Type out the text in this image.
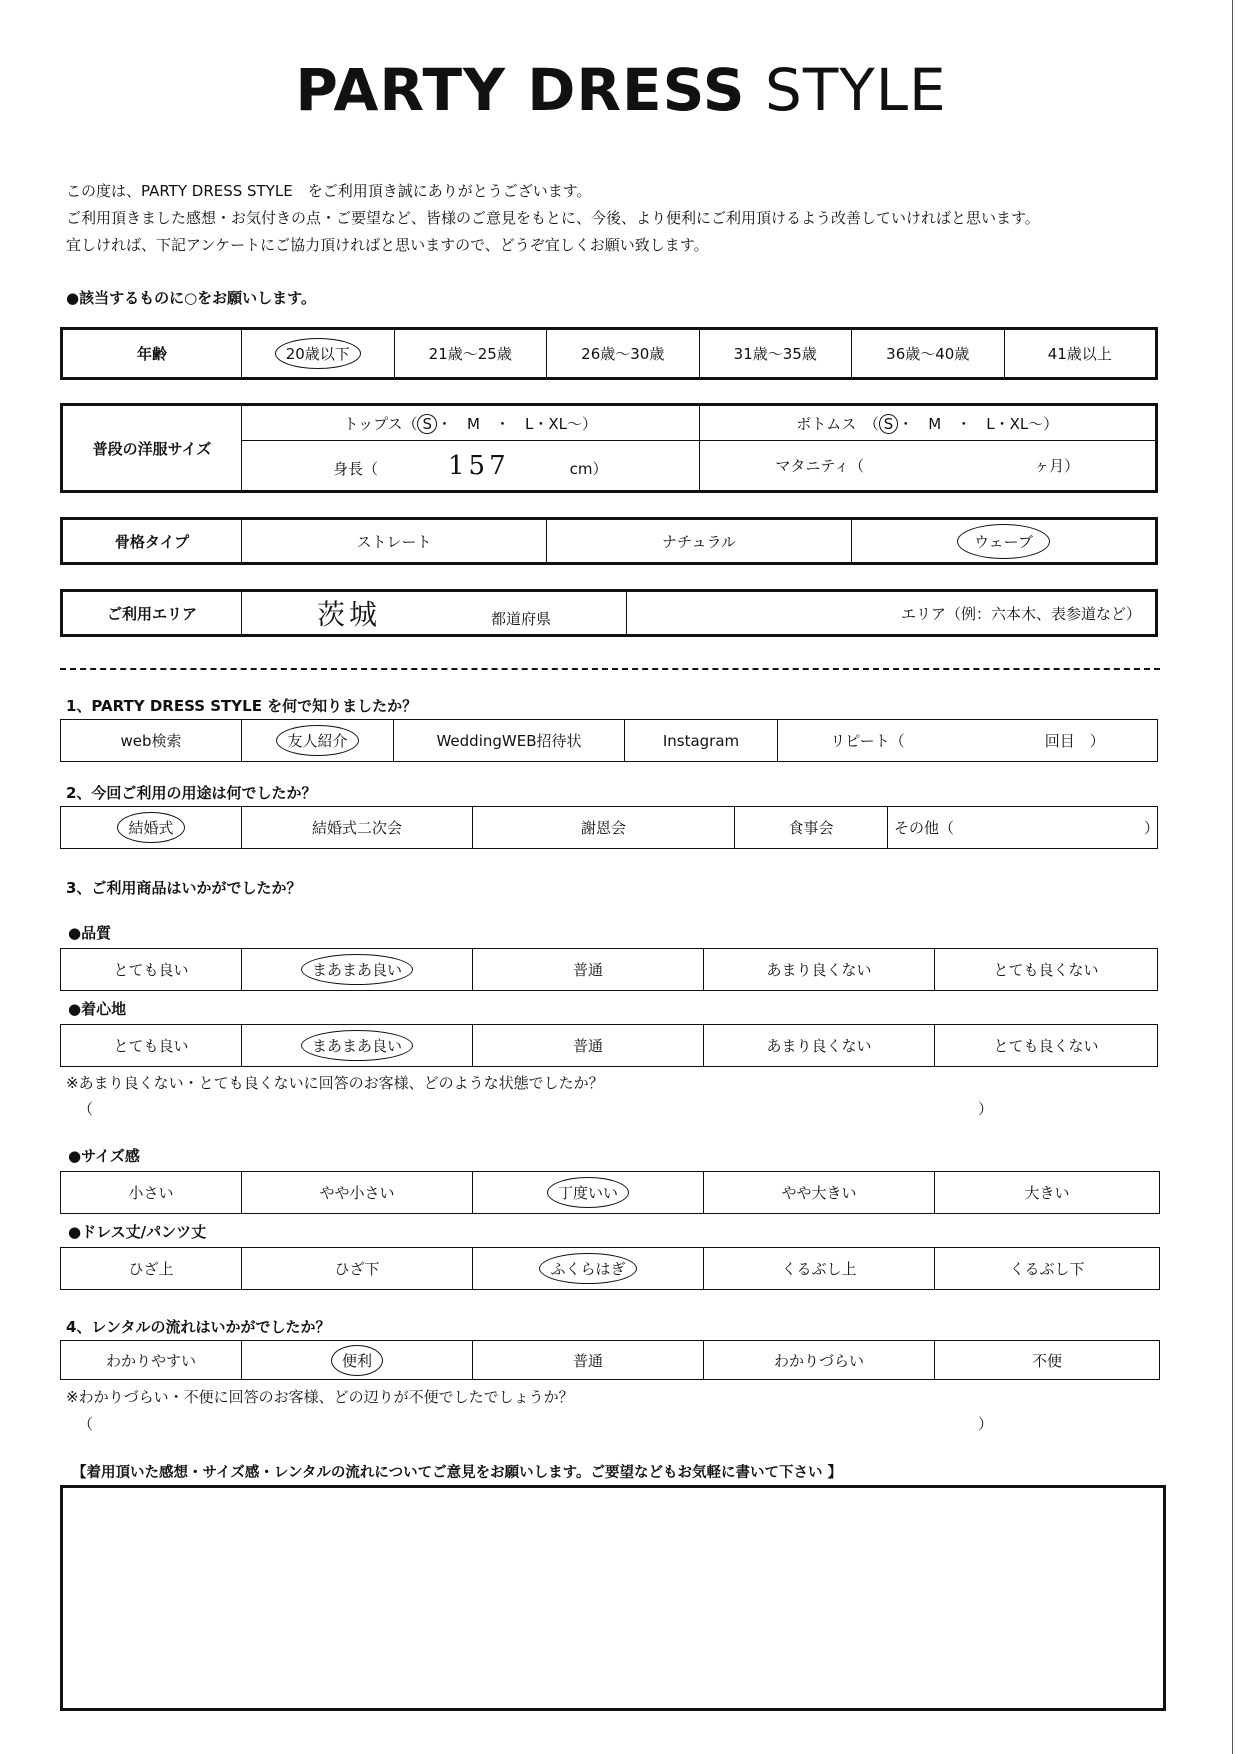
PARTY DRESS STYLE
この度は、PARTY DRESS STYLE　をご利用頂き誠にありがとうございます。
ご利用頂きました感想・お気付きの点・ご要望など、皆様のご意見をもとに、今後、より便利にご利用頂けるよう改善していければと思います。
宜しければ、下記アンケートにご協力頂ければと思いますので、どうぞ宜しくお願い致します。
●該当するものに○をお願いします。
年齢	20歳以下	21歳～25歳	26歳～30歳	31歳～35歳	36歳～40歳	41歳以上
普段の洋服サイズ	トップス（ S ・　M　・　L・XL～）	ボトムス　（ S ・　M　・　L・XL～）
	身長（ 157 cm）	マタニティ（ ヶ月）
骨格タイプ	ストレート	ナチュラル	ウェーブ
ご利用エリア	茨城	都道府県	エリア（例：六本木、表参道など）
1、PARTY DRESS STYLE を何で知りましたか？
web検索	友人紹介	WeddingWEB招待状	Instagram	リピート（	回目　）
2、今回ご利用の用途は何でしたか？
結婚式	結婚式二次会	謝恩会	食事会	その他（	）
3、ご利用商品はいかがでしたか？
●品質
とても良い	まあまあ良い	普通	あまり良くない	とても良くない
●着心地
とても良い	まあまあ良い	普通	あまり良くない	とても良くない
※あまり良くない・とても良くないに回答のお客様、どのような状態でしたか？
（	）
●サイズ感
小さい	やや小さい	丁度いい	やや大きい	大きい
●ドレス丈/パンツ丈
ひざ上	ひざ下	ふくらはぎ	くるぶし上	くるぶし下
4、レンタルの流れはいかがでしたか？
わかりやすい	便利	普通	わかりづらい	不便
※わかりづらい・不便に回答のお客様、どの辺りが不便でしたでしょうか？
（	）
【着用頂いた感想・サイズ感・レンタルの流れについてご意見をお願いします。ご要望などもお気軽に書いて下さい 】
